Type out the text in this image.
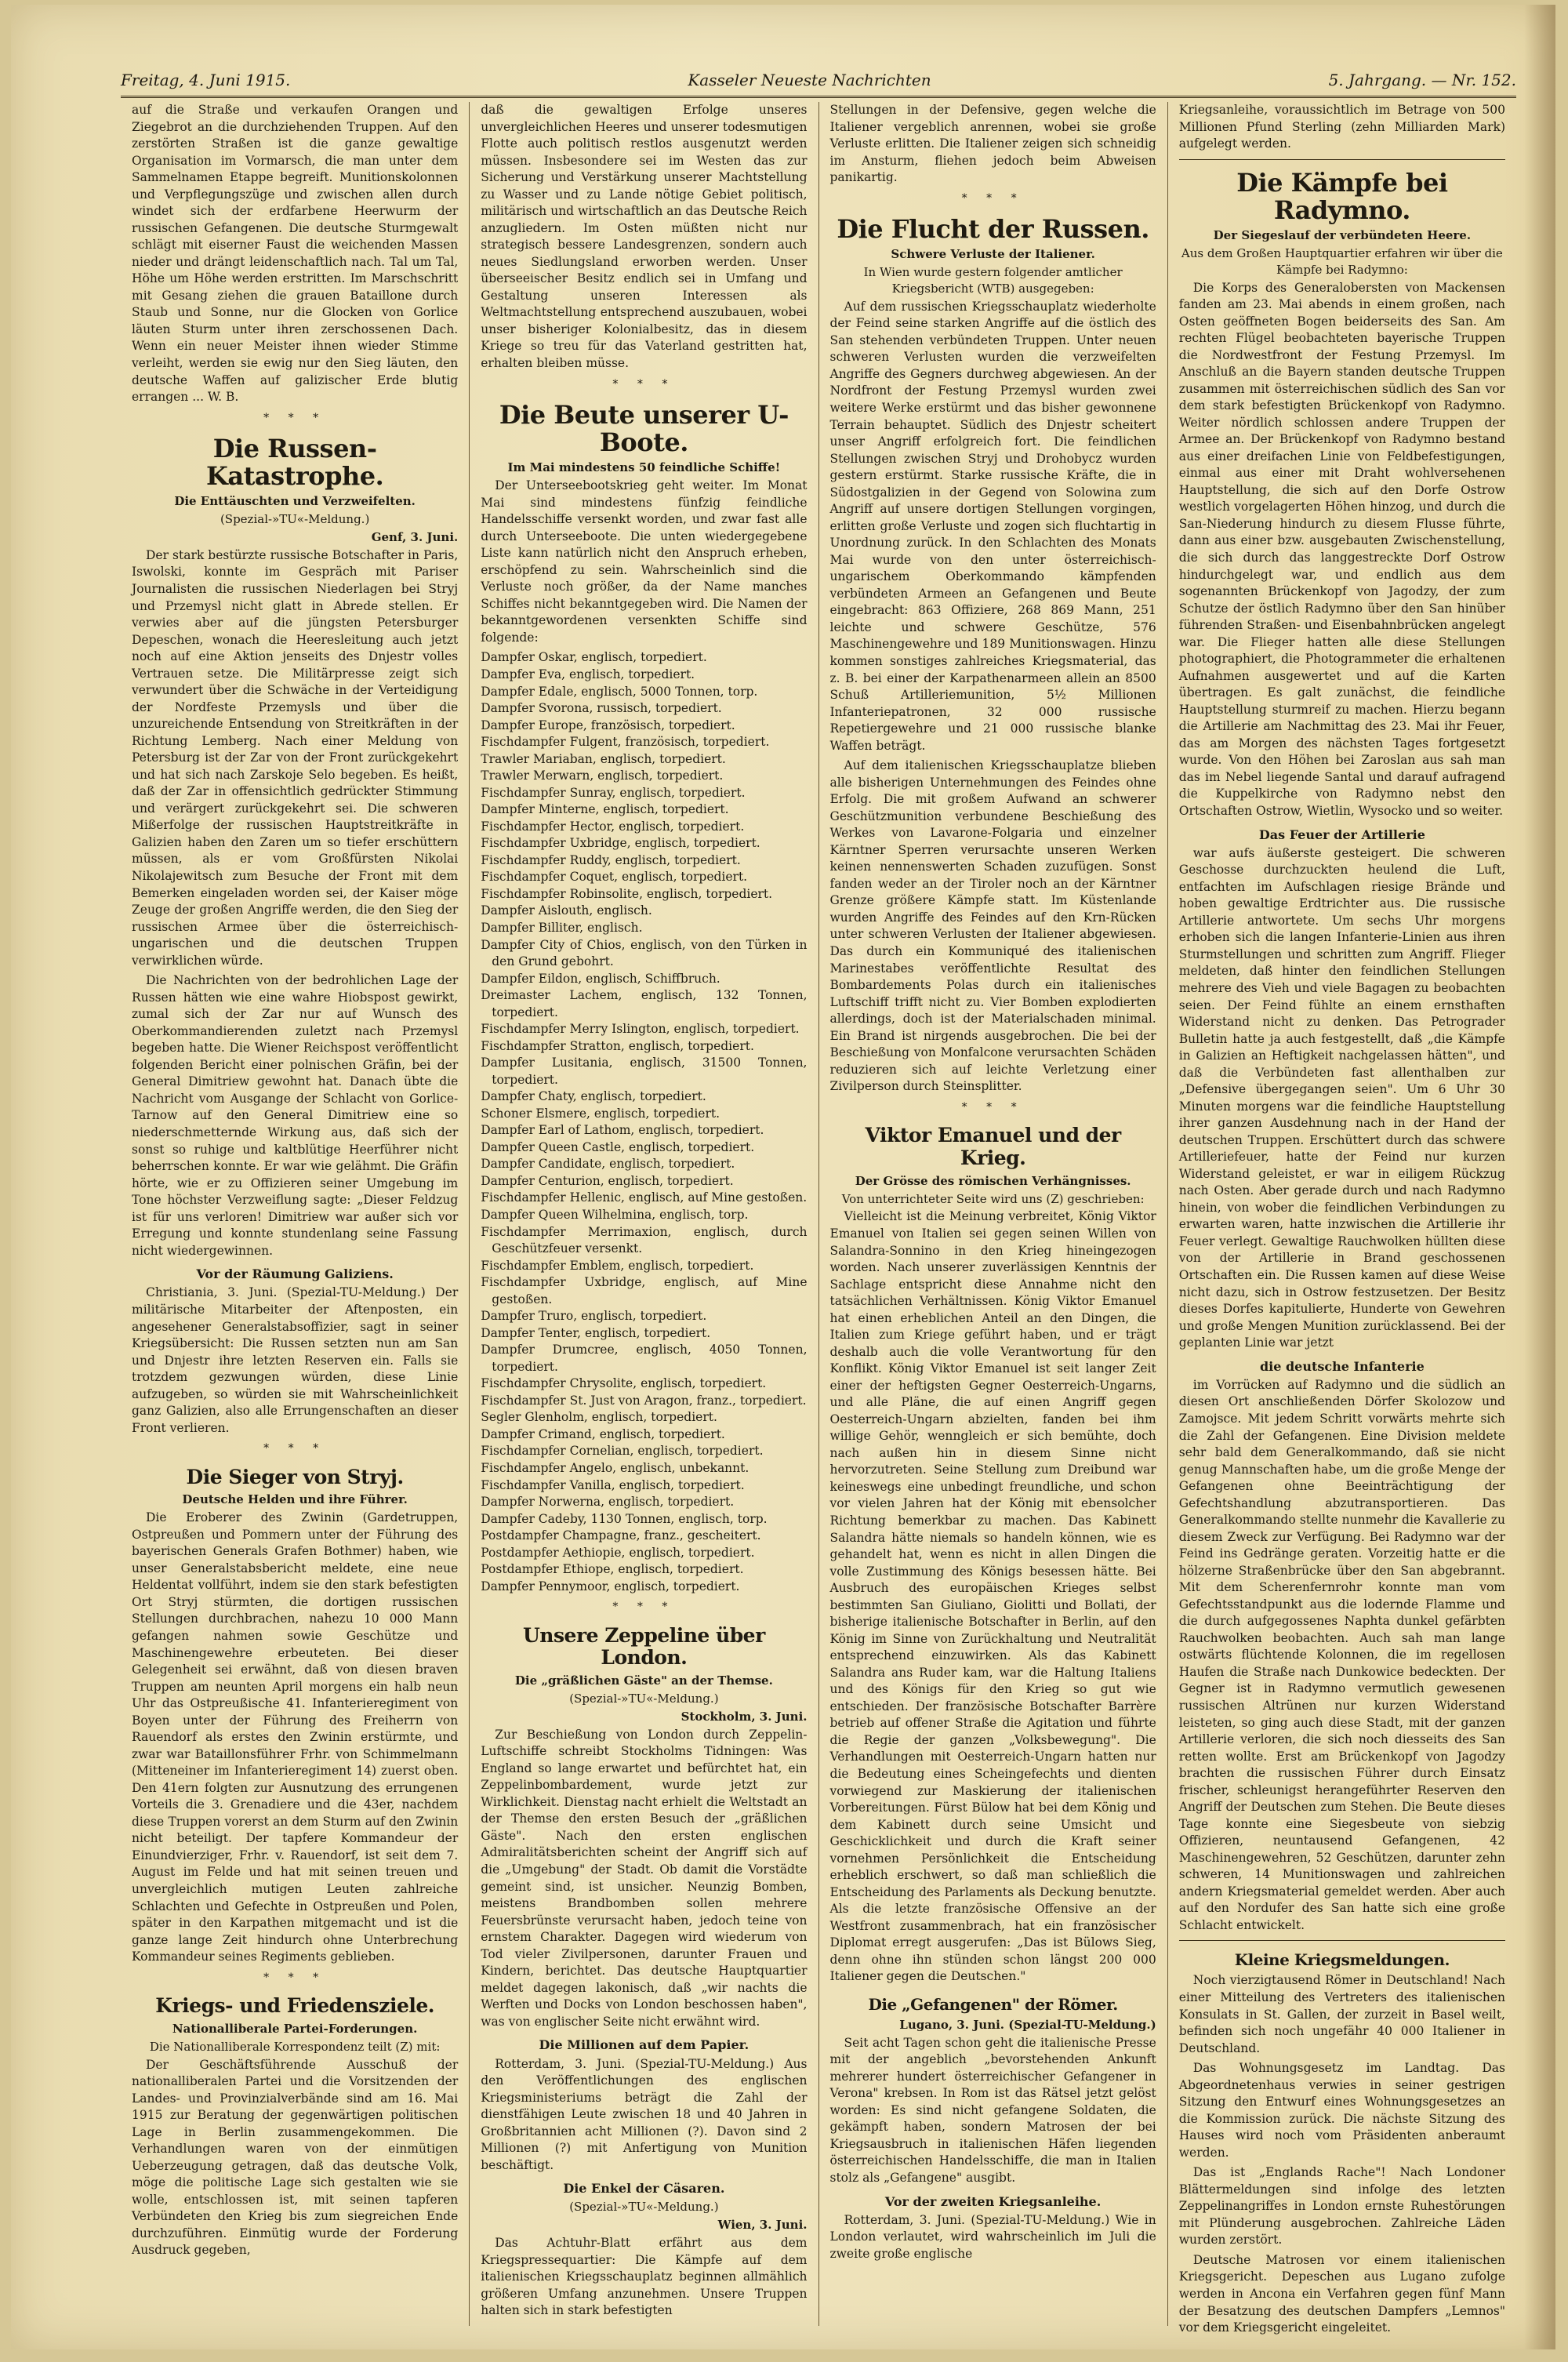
Freitag, 4. Juni 1915.	Kasseler Neueste Nachrichten	5. Jahrgang. — Nr. 152.

auf die Straße und verkaufen Orangen und Ziegebrot an die durchziehenden Truppen. Auf den zerstörten Straßen ist die ganze gewaltige Organisation im Vormarsch, die man unter dem Sammelnamen Etappe begreift. Munitionskolonnen und Verpflegungszüge und zwischen allen durch windet sich der erdfarbene Heerwurm der russischen Gefangenen. Die deutsche Sturmgewalt schlägt mit eiserner Faust die weichenden Massen nieder und drängt leidenschaftlich nach. Tal um Tal, Höhe um Höhe werden erstritten. Im Marschschritt mit Gesang ziehen die grauen Bataillone durch Staub und Sonne, nur die Glocken von Gorlice läuten Sturm unter ihren zerschossenen Dach. Wenn ein neuer Meister ihnen wieder Stimme verleiht, werden sie ewig nur den Sieg läuten, den deutsche Waffen auf galizischer Erde blutig errangen ... W. B.

* * *
Die Russen-Katastrophe.
Die Enttäuschten und Verzweifelten.
(Spezial-»TU«-Meldung.)
Genf, 3. Juni.

Der stark bestürzte russische Botschafter in Paris, Iswolski, konnte im Gespräch mit Pariser Journalisten die russischen Niederlagen bei Stryj und Przemysl nicht glatt in Abrede stellen. Er verwies aber auf die jüngsten Petersburger Depeschen, wonach die Heeresleitung auch jetzt noch auf eine Aktion jenseits des Dnjestr volles Vertrauen setze. Die Militärpresse zeigt sich verwundert über die Schwäche in der Verteidigung der Nordfeste Przemysls und über die unzureichende Entsendung von Streitkräften in der Richtung Lemberg. Nach einer Meldung von Petersburg ist der Zar von der Front zurückgekehrt und hat sich nach Zarskoje Selo begeben. Es heißt, daß der Zar in offensichtlich gedrückter Stimmung und verärgert zurückgekehrt sei. Die schweren Mißerfolge der russischen Hauptstreitkräfte in Galizien haben den Zaren um so tiefer erschüttern müssen, als er vom Großfürsten Nikolai Nikolajewitsch zum Besuche der Front mit dem Bemerken eingeladen worden sei, der Kaiser möge Zeuge der großen Angriffe werden, die den Sieg der russischen Armee über die österreichisch-ungarischen und die deutschen Truppen verwirklichen würde.

Die Nachrichten von der bedrohlichen Lage der Russen hätten wie eine wahre Hiobspost gewirkt, zumal sich der Zar nur auf Wunsch des Oberkommandierenden zuletzt nach Przemysl begeben hatte. Die Wiener Reichspost veröffentlicht folgenden Bericht einer polnischen Gräfin, bei der General Dimitriew gewohnt hat. Danach übte die Nachricht vom Ausgange der Schlacht von Gorlice-Tarnow auf den General Dimitriew eine so niederschmetternde Wirkung aus, daß sich der sonst so ruhige und kaltblütige Heerführer nicht beherrschen konnte. Er war wie gelähmt. Die Gräfin hörte, wie er zu Offizieren seiner Umgebung im Tone höchster Verzweiflung sagte: „Dieser Feldzug ist für uns verloren! Dimitriew war außer sich vor Erregung und konnte stundenlang seine Fassung nicht wiedergewinnen.

Vor der Räumung Galiziens.

Christiania, 3. Juni. (Spezial-TU-Meldung.) Der militärische Mitarbeiter der Aftenposten, ein angesehener Generalstabsoffizier, sagt in seiner Kriegsübersicht: Die Russen setzten nun am San und Dnjestr ihre letzten Reserven ein. Falls sie trotzdem gezwungen würden, diese Linie aufzugeben, so würden sie mit Wahrscheinlichkeit ganz Galizien, also alle Errungenschaften an dieser Front verlieren.

* * *
Die Sieger von Stryj.
Deutsche Helden und ihre Führer.

Die Eroberer des Zwinin (Gardetruppen, Ostpreußen und Pommern unter der Führung des bayerischen Generals Grafen Bothmer) haben, wie unser Generalstabsbericht meldete, eine neue Heldentat vollführt, indem sie den stark befestigten Ort Stryj stürmten, die dortigen russischen Stellungen durchbrachen, nahezu 10 000 Mann gefangen nahmen sowie Geschütze und Maschinengewehre erbeuteten. Bei dieser Gelegenheit sei erwähnt, daß von diesen braven Truppen am neunten April morgens ein halb neun Uhr das Ostpreußische 41. Infanterieregiment von Boyen unter der Führung des Freiherrn von Rauendorf als erstes den Zwinin erstürmte, und zwar war Bataillonsführer Frhr. von Schimmelmann (Mitteneiner im Infanterieregiment 14) zuerst oben. Den 41ern folgten zur Ausnutzung des errungenen Vorteils die 3. Grenadiere und die 43er, nachdem diese Truppen vorerst an dem Sturm auf den Zwinin nicht beteiligt. Der tapfere Kommandeur der Einundvierziger, Frhr. v. Rauendorf, ist seit dem 7. August im Felde und hat mit seinen treuen und unvergleichlich mutigen Leuten zahlreiche Schlachten und Gefechte in Ostpreußen und Polen, später in den Karpathen mitgemacht und ist die ganze lange Zeit hindurch ohne Unterbrechung Kommandeur seines Regiments geblieben.

* * *
Kriegs- und Friedensziele.
Nationalliberale Partei-Forderungen.
Die Nationalliberale Korrespondenz teilt (Z) mit:

Der Geschäftsführende Ausschuß der nationalliberalen Partei und die Vorsitzenden der Landes- und Provinzialverbände sind am 16. Mai 1915 zur Beratung der gegenwärtigen politischen Lage in Berlin zusammengekommen. Die Verhandlungen waren von der einmütigen Ueberzeugung getragen, daß das deutsche Volk, möge die politische Lage sich gestalten wie sie wolle, entschlossen ist, mit seinen tapferen Verbündeten den Krieg bis zum siegreichen Ende durchzuführen. Einmütig wurde der Forderung Ausdruck gegeben,

daß die gewaltigen Erfolge unseres unvergleichlichen Heeres und unserer todesmutigen Flotte auch politisch restlos ausgenutzt werden müssen. Insbesondere sei im Westen das zur Sicherung und Verstärkung unserer Machtstellung zu Wasser und zu Lande nötige Gebiet politisch, militärisch und wirtschaftlich an das Deutsche Reich anzugliedern. Im Osten müßten nicht nur strategisch bessere Landesgrenzen, sondern auch neues Siedlungsland erworben werden. Unser überseeischer Besitz endlich sei in Umfang und Gestaltung unseren Interessen als Weltmachtstellung entsprechend auszubauen, wobei unser bisheriger Kolonialbesitz, das in diesem Kriege so treu für das Vaterland gestritten hat, erhalten bleiben müsse.

* * *
Die Beute unserer U-Boote.
Im Mai mindestens 50 feindliche Schiffe!

Der Unterseebootskrieg geht weiter. Im Monat Mai sind mindestens fünfzig feindliche Handelsschiffe versenkt worden, und zwar fast alle durch Unterseeboote. Die unten wiedergegebene Liste kann natürlich nicht den Anspruch erheben, erschöpfend zu sein. Wahrscheinlich sind die Verluste noch größer, da der Name manches Schiffes nicht bekanntgegeben wird. Die Namen der bekanntgewordenen versenkten Schiffe sind folgende:

Dampfer Oskar, englisch, torpediert.
Dampfer Eva, englisch, torpediert.
Dampfer Edale, englisch, 5000 Tonnen, torp.
Dampfer Svorona, russisch, torpediert.
Dampfer Europe, französisch, torpediert.
Fischdampfer Fulgent, französisch, torpediert.
Trawler Mariaban, englisch, torpediert.
Trawler Merwarn, englisch, torpediert.
Fischdampfer Sunray, englisch, torpediert.
Dampfer Minterne, englisch, torpediert.
Fischdampfer Hector, englisch, torpediert.
Fischdampfer Uxbridge, englisch, torpediert.
Fischdampfer Ruddy, englisch, torpediert.
Fischdampfer Coquet, englisch, torpediert.
Fischdampfer Robinsolite, englisch, torpediert.
Dampfer Aislouth, englisch.
Dampfer Billiter, englisch.
Dampfer City of Chios, englisch, von den Türken in den Grund gebohrt.
Dampfer Eildon, englisch, Schiffbruch.
Dreimaster Lachem, englisch, 132 Tonnen, torpediert.
Fischdampfer Merry Islington, englisch, torpediert.
Fischdampfer Stratton, englisch, torpediert.
Dampfer Lusitania, englisch, 31500 Tonnen, torpediert.
Dampfer Chaty, englisch, torpediert.
Schoner Elsmere, englisch, torpediert.
Dampfer Earl of Lathom, englisch, torpediert.
Dampfer Queen Castle, englisch, torpediert.
Dampfer Candidate, englisch, torpediert.
Dampfer Centurion, englisch, torpediert.
Fischdampfer Hellenic, englisch, auf Mine gestoßen.
Dampfer Queen Wilhelmina, englisch, torp.
Fischdampfer Merrimaxion, englisch, durch Geschützfeuer versenkt.
Fischdampfer Emblem, englisch, torpediert.
Fischdampfer Uxbridge, englisch, auf Mine gestoßen.
Dampfer Truro, englisch, torpediert.
Dampfer Tenter, englisch, torpediert.
Dampfer Drumcree, englisch, 4050 Tonnen, torpediert.
Fischdampfer Chrysolite, englisch, torpediert.
Fischdampfer St. Just von Aragon, franz., torpediert.
Segler Glenholm, englisch, torpediert.
Dampfer Crimand, englisch, torpediert.
Fischdampfer Cornelian, englisch, torpediert.
Fischdampfer Angelo, englisch, unbekannt.
Fischdampfer Vanilla, englisch, torpediert.
Dampfer Norwerna, englisch, torpediert.
Dampfer Cadeby, 1130 Tonnen, englisch, torp.
Postdampfer Champagne, franz., gescheitert.
Postdampfer Aethiopie, englisch, torpediert.
Postdampfer Ethiope, englisch, torpediert.
Dampfer Pennymoor, englisch, torpediert.
* * *
Unsere Zeppeline über London.
Die „gräßlichen Gäste" an der Themse.
(Spezial-»TU«-Meldung.)
Stockholm, 3. Juni.

Zur Beschießung von London durch Zeppelin-Luftschiffe schreibt Stockholms Tidningen: Was England so lange erwartet und befürchtet hat, ein Zeppelinbombardement, wurde jetzt zur Wirklichkeit. Dienstag nacht erhielt die Weltstadt an der Themse den ersten Besuch der „gräßlichen Gäste". Nach den ersten englischen Admiralitätsberichten scheint der Angriff sich auf die „Umgebung" der Stadt. Ob damit die Vorstädte gemeint sind, ist unsicher. Neunzig Bomben, meistens Brandbomben sollen mehrere Feuersbrünste verursacht haben, jedoch teine von ernstem Charakter. Dagegen wird wiederum von Tod vieler Zivilpersonen, darunter Frauen und Kindern, berichtet. Das deutsche Hauptquartier meldet dagegen lakonisch, daß „wir nachts die Werften und Docks von London beschossen haben", was von englischer Seite nicht erwähnt wird.

Die Millionen auf dem Papier.

Rotterdam, 3. Juni. (Spezial-TU-Meldung.) Aus den Veröffentlichungen des englischen Kriegsministeriums beträgt die Zahl der dienstfähigen Leute zwischen 18 und 40 Jahren in Großbritannien acht Millionen (?). Davon sind 2 Millionen (?) mit Anfertigung von Munition beschäftigt.

Die Enkel der Cäsaren.
(Spezial-»TU«-Meldung.)
Wien, 3. Juni.

Das Achtuhr-Blatt erfährt aus dem Kriegspressequartier: Die Kämpfe auf dem italienischen Kriegsschauplatz beginnen allmählich größeren Umfang anzunehmen. Unsere Truppen halten sich in stark befestigten

Stellungen in der Defensive, gegen welche die Italiener vergeblich anrennen, wobei sie große Verluste erlitten. Die Italiener zeigen sich schneidig im Ansturm, fliehen jedoch beim Abweisen panikartig.

* * *
Die Flucht der Russen.
Schwere Verluste der Italiener.
In Wien wurde gestern folgender amtlicher Kriegsbericht (WTB) ausgegeben:

Auf dem russischen Kriegsschauplatz wiederholte der Feind seine starken Angriffe auf die östlich des San stehenden verbündeten Truppen. Unter neuen schweren Verlusten wurden die verzweifelten Angriffe des Gegners durchweg abgewiesen. An der Nordfront der Festung Przemysl wurden zwei weitere Werke erstürmt und das bisher gewonnene Terrain behauptet. Südlich des Dnjestr scheitert unser Angriff erfolgreich fort. Die feindlichen Stellungen zwischen Stryj und Drohobycz wurden gestern erstürmt. Starke russische Kräfte, die in Südostgalizien in der Gegend von Solowina zum Angriff auf unsere dortigen Stellungen vorgingen, erlitten große Verluste und zogen sich fluchtartig in Unordnung zurück. In den Schlachten des Monats Mai wurde von den unter österreichisch-ungarischem Oberkommando kämpfenden verbündeten Armeen an Gefangenen und Beute eingebracht: 863 Offiziere, 268 869 Mann, 251 leichte und schwere Geschütze, 576 Maschinengewehre und 189 Munitionswagen. Hinzu kommen sonstiges zahlreiches Kriegsmaterial, das z. B. bei einer der Karpathenarmeen allein an 8500 Schuß Artilleriemunition, 5½ Millionen Infanteriepatronen, 32 000 russische Repetiergewehre und 21 000 russische blanke Waffen beträgt.

Auf dem italienischen Kriegsschauplatze blieben alle bisherigen Unternehmungen des Feindes ohne Erfolg. Die mit großem Aufwand an schwerer Geschützmunition verbundene Beschießung des Werkes von Lavarone-Folgaria und einzelner Kärntner Sperren verursachte unseren Werken keinen nennenswerten Schaden zuzufügen. Sonst fanden weder an der Tiroler noch an der Kärntner Grenze größere Kämpfe statt. Im Küstenlande wurden Angriffe des Feindes auf den Krn-Rücken unter schweren Verlusten der Italiener abgewiesen. Das durch ein Kommuniqué des italienischen Marinestabes veröffentlichte Resultat des Bombardements Polas durch ein italienisches Luftschiff trifft nicht zu. Vier Bomben explodierten allerdings, doch ist der Materialschaden minimal. Ein Brand ist nirgends ausgebrochen. Die bei der Beschießung von Monfalcone verursachten Schäden reduzieren sich auf leichte Verletzung einer Zivilperson durch Steinsplitter.

* * *
Viktor Emanuel und der Krieg.
Der Grösse des römischen Verhängnisses.
Von unterrichteter Seite wird uns (Z) geschrieben:

Vielleicht ist die Meinung verbreitet, König Viktor Emanuel von Italien sei gegen seinen Willen von Salandra-Sonnino in den Krieg hineingezogen worden. Nach unserer zuverlässigen Kenntnis der Sachlage entspricht diese Annahme nicht den tatsächlichen Verhältnissen. König Viktor Emanuel hat einen erheblichen Anteil an den Dingen, die Italien zum Kriege geführt haben, und er trägt deshalb auch die volle Verantwortung für den Konflikt. König Viktor Emanuel ist seit langer Zeit einer der heftigsten Gegner Oesterreich-Ungarns, und alle Pläne, die auf einen Angriff gegen Oesterreich-Ungarn abzielten, fanden bei ihm willige Gehör, wenngleich er sich bemühte, doch nach außen hin in diesem Sinne nicht hervorzutreten. Seine Stellung zum Dreibund war keineswegs eine unbedingt freundliche, und schon vor vielen Jahren hat der König mit ebensolcher Richtung bemerkbar zu machen. Das Kabinett Salandra hätte niemals so handeln können, wie es gehandelt hat, wenn es nicht in allen Dingen die volle Zustimmung des Königs besessen hätte. Bei Ausbruch des europäischen Krieges selbst bestimmten San Giuliano, Giolitti und Bollati, der bisherige italienische Botschafter in Berlin, auf den König im Sinne von Zurückhaltung und Neutralität entsprechend einzuwirken. Als das Kabinett Salandra ans Ruder kam, war die Haltung Italiens und des Königs für den Krieg so gut wie entschieden. Der französische Botschafter Barrère betrieb auf offener Straße die Agitation und führte die Regie der ganzen „Volksbewegung". Die Verhandlungen mit Oesterreich-Ungarn hatten nur die Bedeutung eines Scheingefechts und dienten vorwiegend zur Maskierung der italienischen Vorbereitungen. Fürst Bülow hat bei dem König und dem Kabinett durch seine Umsicht und Geschicklichkeit und durch die Kraft seiner vornehmen Persönlichkeit die Entscheidung erheblich erschwert, so daß man schließlich die Entscheidung des Parlaments als Deckung benutzte. Als die letzte französische Offensive an der Westfront zusammenbrach, hat ein französischer Diplomat erregt ausgerufen: „Das ist Bülows Sieg, denn ohne ihn stünden schon längst 200 000 Italiener gegen die Deutschen."

Die „Gefangenen" der Römer.
Lugano, 3. Juni. (Spezial-TU-Meldung.)

Seit acht Tagen schon geht die italienische Presse mit der angeblich „bevorstehenden Ankunft mehrerer hundert österreichischer Gefangener in Verona" krebsen. In Rom ist das Rätsel jetzt gelöst worden: Es sind nicht gefangene Soldaten, die gekämpft haben, sondern Matrosen der bei Kriegsausbruch in italienischen Häfen liegenden österreichischen Handelsschiffe, die man in Italien stolz als „Gefangene" ausgibt.

Vor der zweiten Kriegsanleihe.

Rotterdam, 3. Juni. (Spezial-TU-Meldung.) Wie in London verlautet, wird wahrscheinlich im Juli die zweite große englische

Kriegsanleihe, voraussichtlich im Betrage von 500 Millionen Pfund Sterling (zehn Milliarden Mark) aufgelegt werden.

Die Kämpfe bei Radymno.
Der Siegeslauf der verbündeten Heere.
Aus dem Großen Hauptquartier erfahren wir über die Kämpfe bei Radymno:

Die Korps des Generalobersten von Mackensen fanden am 23. Mai abends in einem großen, nach Osten geöffneten Bogen beiderseits des San. Am rechten Flügel beobachteten bayerische Truppen die Nordwestfront der Festung Przemysl. Im Anschluß an die Bayern standen deutsche Truppen zusammen mit österreichischen südlich des San vor dem stark befestigten Brückenkopf von Radymno. Weiter nördlich schlossen andere Truppen der Armee an. Der Brückenkopf von Radymno bestand aus einer dreifachen Linie von Feldbefestigungen, einmal aus einer mit Draht wohlversehenen Hauptstellung, die sich auf den Dorfe Ostrow westlich vorgelagerten Höhen hinzog, und durch die San-Niederung hindurch zu diesem Flusse führte, dann aus einer bzw. ausgebauten Zwischenstellung, die sich durch das langgestreckte Dorf Ostrow hindurchgelegt war, und endlich aus dem sogenannten Brückenkopf von Jagodzy, der zum Schutze der östlich Radymno über den San hinüber führenden Straßen- und Eisenbahnbrücken angelegt war. Die Flieger hatten alle diese Stellungen photographiert, die Photogrammeter die erhaltenen Aufnahmen ausgewertet und auf die Karten übertragen. Es galt zunächst, die feindliche Hauptstellung sturmreif zu machen. Hierzu begann die Artillerie am Nachmittag des 23. Mai ihr Feuer, das am Morgen des nächsten Tages fortgesetzt wurde. Von den Höhen bei Zaroslan aus sah man das im Nebel liegende Santal und darauf aufragend die Kuppelkirche von Radymno nebst den Ortschaften Ostrow, Wietlin, Wysocko und so weiter.

Das Feuer der Artillerie

war aufs äußerste gesteigert. Die schweren Geschosse durchzuckten heulend die Luft, entfachten im Aufschlagen riesige Brände und hoben gewaltige Erdtrichter aus. Die russische Artillerie antwortete. Um sechs Uhr morgens erhoben sich die langen Infanterie-Linien aus ihren Sturmstellungen und schritten zum Angriff. Flieger meldeten, daß hinter den feindlichen Stellungen mehrere des Vieh und viele Bagagen zu beobachten seien. Der Feind fühlte an einem ernsthaften Widerstand nicht zu denken. Das Petrograder Bulletin hatte ja auch festgestellt, daß „die Kämpfe in Galizien an Heftigkeit nachgelassen hätten", und daß die Verbündeten fast allenthalben zur „Defensive übergegangen seien". Um 6 Uhr 30 Minuten morgens war die feindliche Hauptstellung ihrer ganzen Ausdehnung nach in der Hand der deutschen Truppen. Erschüttert durch das schwere Artilleriefeuer, hatte der Feind nur kurzen Widerstand geleistet, er war in eiligem Rückzug nach Osten. Aber gerade durch und nach Radymno hinein, von wober die feindlichen Verbindungen zu erwarten waren, hatte inzwischen die Artillerie ihr Feuer verlegt. Gewaltige Rauchwolken hüllten diese von der Artillerie in Brand geschossenen Ortschaften ein. Die Russen kamen auf diese Weise nicht dazu, sich in Ostrow festzusetzen. Der Besitz dieses Dorfes kapitulierte, Hunderte von Gewehren und große Mengen Munition zurücklassend. Bei der geplanten Linie war jetzt

die deutsche Infanterie

im Vorrücken auf Radymno und die südlich an diesen Ort anschließenden Dörfer Skolozow und Zamojsce. Mit jedem Schritt vorwärts mehrte sich die Zahl der Gefangenen. Eine Division meldete sehr bald dem Generalkommando, daß sie nicht genug Mannschaften habe, um die große Menge der Gefangenen ohne Beeinträchtigung der Gefechtshandlung abzutransportieren. Das Generalkommando stellte nunmehr die Kavallerie zu diesem Zweck zur Verfügung. Bei Radymno war der Feind ins Gedränge geraten. Vorzeitig hatte er die hölzerne Straßenbrücke über den San abgebrannt. Mit dem Scherenfernrohr konnte man vom Gefechtsstandpunkt aus die lodernde Flamme und die durch aufgegossenes Naphta dunkel gefärbten Rauchwolken beobachten. Auch sah man lange ostwärts flüchtende Kolonnen, die im regellosen Haufen die Straße nach Dunkowice bedeckten. Der Gegner ist in Radymno vermutlich gewesenen russischen Altrünen nur kurzen Widerstand leisteten, so ging auch diese Stadt, mit der ganzen Artillerie verloren, die sich noch diesseits des San retten wollte. Erst am Brückenkopf von Jagodzy brachten die russischen Führer durch Einsatz frischer, schleunigst herangeführter Reserven den Angriff der Deutschen zum Stehen. Die Beute dieses Tage konnte eine Siegesbeute von siebzig Offizieren, neuntausend Gefangenen, 42 Maschinengewehren, 52 Geschützen, darunter zehn schweren, 14 Munitionswagen und zahlreichen andern Kriegsmaterial gemeldet werden. Aber auch auf den Nordufer des San hatte sich eine große Schlacht entwickelt.

Kleine Kriegsmeldungen.

Noch vierzigtausend Römer in Deutschland! Nach einer Mitteilung des Vertreters des italienischen Konsulats in St. Gallen, der zurzeit in Basel weilt, befinden sich noch ungefähr 40 000 Italiener in Deutschland.

Das Wohnungsgesetz im Landtag. Das Abgeordnetenhaus verwies in seiner gestrigen Sitzung den Entwurf eines Wohnungsgesetzes an die Kommission zurück. Die nächste Sitzung des Hauses wird noch vom Präsidenten anberaumt werden.

Das ist „Englands Rache"! Nach Londoner Blättermeldungen sind infolge des letzten Zeppelinangriffes in London ernste Ruhestörungen mit Plünderung ausgebrochen. Zahlreiche Läden wurden zerstört.

Deutsche Matrosen vor einem italienischen Kriegsgericht. Depeschen aus Lugano zufolge werden in Ancona ein Verfahren gegen fünf Mann der Besatzung des deutschen Dampfers „Lemnos" vor dem Kriegsgericht eingeleitet.
